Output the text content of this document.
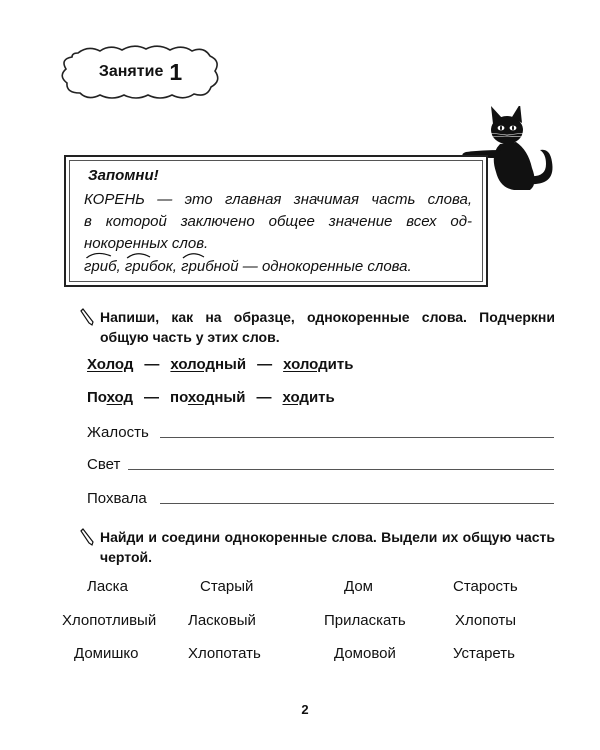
Занятие 1
Запомни!
КОРЕНЬ — это главная значимая часть слова,
в которой заключено общее значение всех од-
нокоренных слов.
гриб, грибок, грибной — однокоренные слова.
Напиши, как на образце, однокоренные слова. Подчеркни общую часть у этих слов.
Холод — холодный — холодить
Поход — походный — ходить
Жалость
Свет
Похвала
Найди и соедини однокоренные слова. Выдели их общую часть чертой.
Ласка
Хлопотливый
Домишко
Старый
Ласковый
Хлопотать
Дом
Приласкать
Домовой
Старость
Хлопоты
Устареть
2
